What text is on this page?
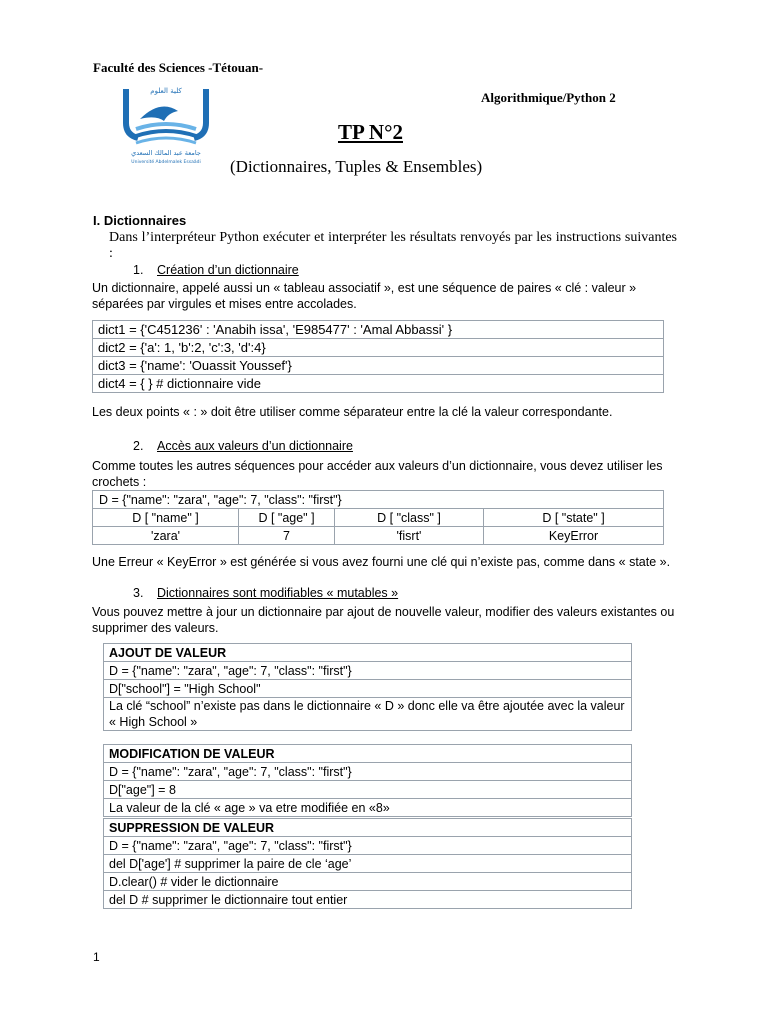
Faculté des Sciences -Tétouan-
Algorithmique/Python 2
كلية العلوم
جامعة عبد المالك السعدي
Université Abdelmalek Essaâdi
TP N°2
(Dictionnaires, Tuples & Ensembles)
I. Dictionnaires
Dans l’interpréteur Python exécuter et interpréter les résultats renvoyés par les instructions suivantes :
1. Création d’un dictionnaire
Un dictionnaire, appelé aussi un « tableau associatif », est une séquence de paires « clé : valeur » séparées par virgules et mises entre accolades.
dict1 = {'C451236' : 'Anabih issa', 'E985477' : 'Amal Abbassi' }
dict2 = {'a': 1, 'b':2, 'c':3, 'd':4}
dict3 = {'name': 'Ouassit Youssef'}
dict4 = { } # dictionnaire vide
Les deux points « : » doit être utiliser comme séparateur entre la clé la valeur correspondante.
2. Accès aux valeurs d’un dictionnaire
Comme toutes les autres séquences pour accéder aux valeurs d’un dictionnaire, vous devez utiliser les crochets :
D = {"name": "zara", "age": 7, "class": "first"}			
D [ "name" ]	D [ "age" ]	D [ "class" ]	D [ "state" ]
'zara'	7	'fisrt'	KeyError
Une Erreur « KeyError » est générée si vous avez fourni une clé qui n’existe pas, comme dans « state ».
3. Dictionnaires sont modifiables « mutables »
Vous pouvez mettre à jour un dictionnaire par ajout de nouvelle valeur, modifier des valeurs existantes ou supprimer des valeurs.
AJOUT DE VALEUR
D = {"name": "zara", "age": 7, "class": "first"}
D["school"] = "High School"
La clé “school” n’existe pas dans le dictionnaire « D » donc elle va être ajoutée avec la valeur « High School »
MODIFICATION DE VALEUR
D = {"name": "zara", "age": 7, "class": "first"}
D["age"] = 8
La valeur de la clé « age » va etre modifiée en «8»
SUPPRESSION DE VALEUR
D = {"name": "zara", "age": 7, "class": "first"}
del D['age'] # supprimer la paire de cle ‘age’
D.clear() # vider le dictionnaire
del D # supprimer le dictionnaire tout entier
1
